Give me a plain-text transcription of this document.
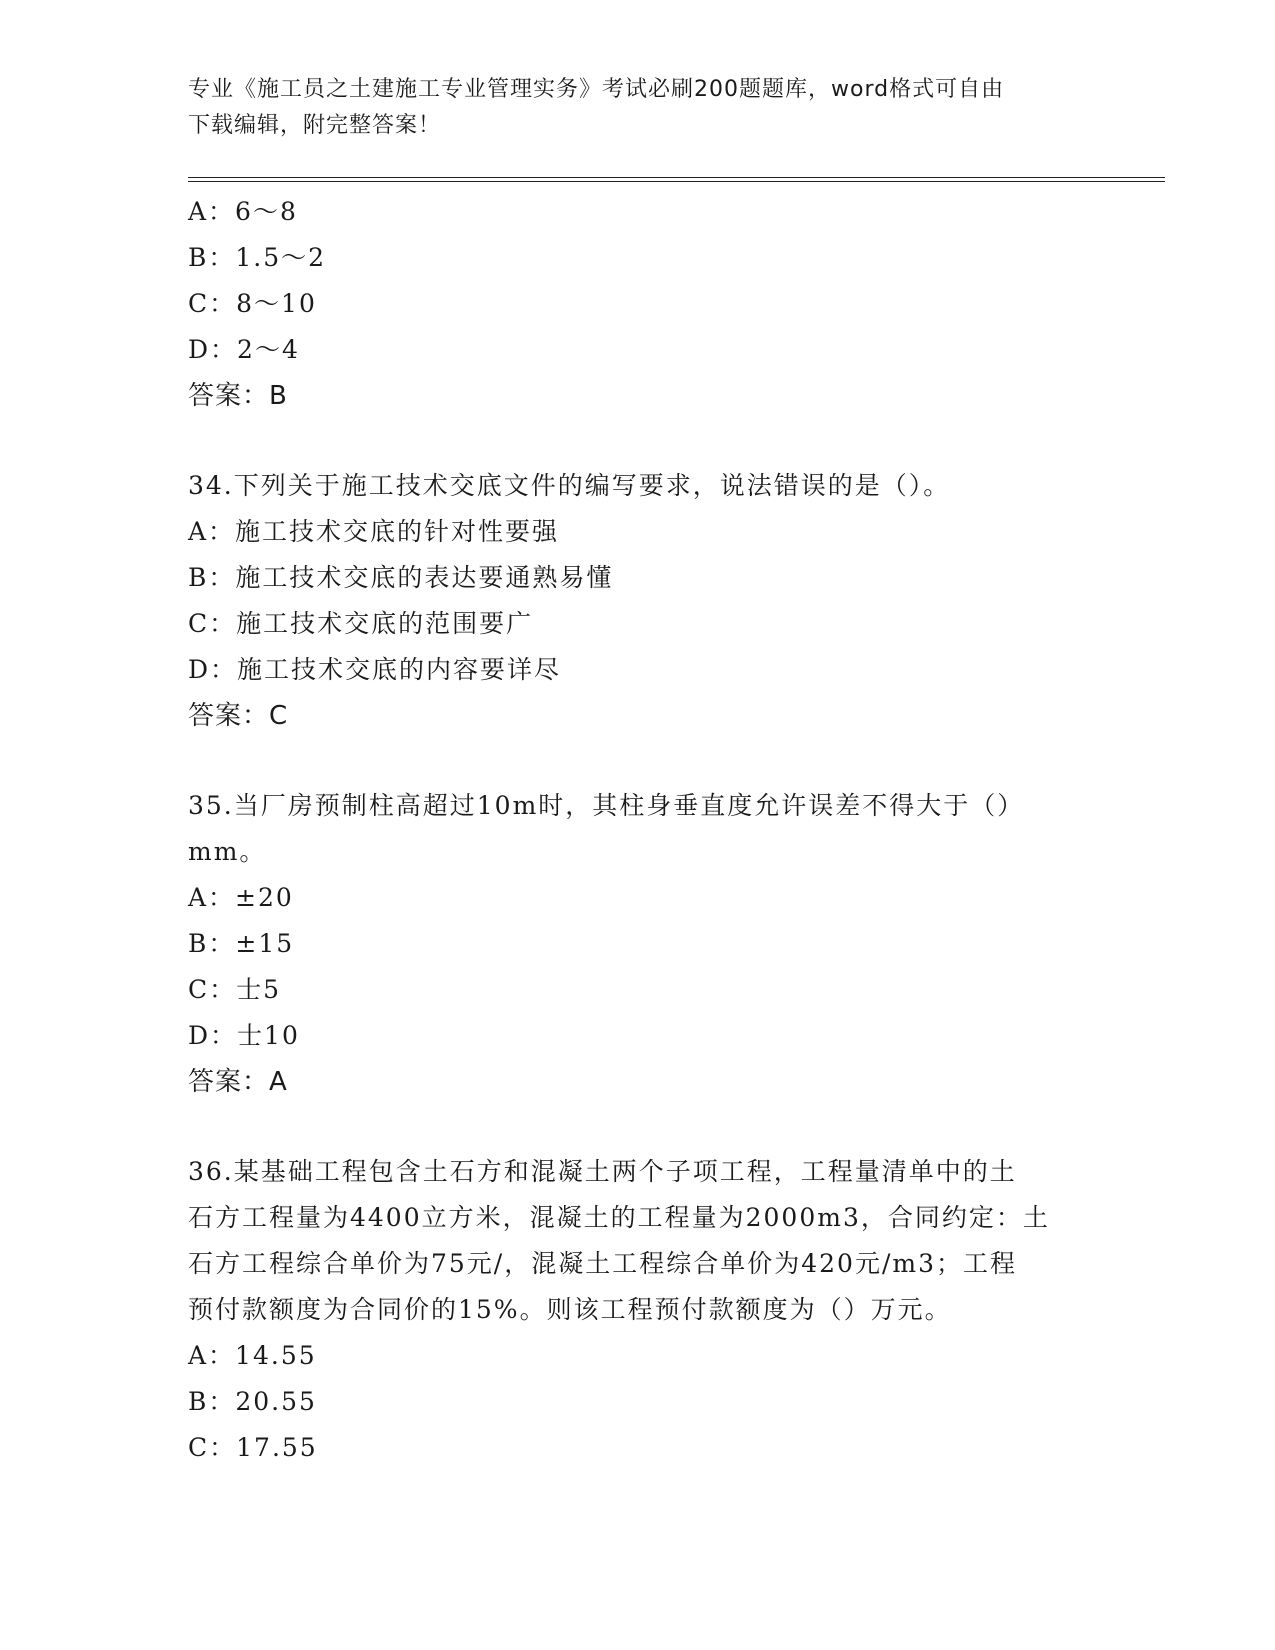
专业《施工员之土建施工专业管理实务》考试必刷200题题库，word格式可自由
下载编辑，附完整答案！
A：6～8
B：1.5～2
C：8～10
D：2～4
答案：B
34.下列关于施工技术交底文件的编写要求，说法错误的是（）。
A：施工技术交底的针对性要强
B：施工技术交底的表达要通熟易懂
C：施工技术交底的范围要广
D：施工技术交底的内容要详尽
答案：C
35.当厂房预制柱高超过10m时，其柱身垂直度允许误差不得大于（）
mm。
A：±20
B：±15
C：士5
D：士10
答案：A
36.某基础工程包含土石方和混凝土两个子项工程，工程量清单中的土
石方工程量为4400立方米，混凝土的工程量为2000m3，合同约定：土
石方工程综合单价为75元/，混凝土工程综合单价为420元/m3；工程
预付款额度为合同价的15%。则该工程预付款额度为（）万元。
A：14.55
B：20.55
C：17.55
